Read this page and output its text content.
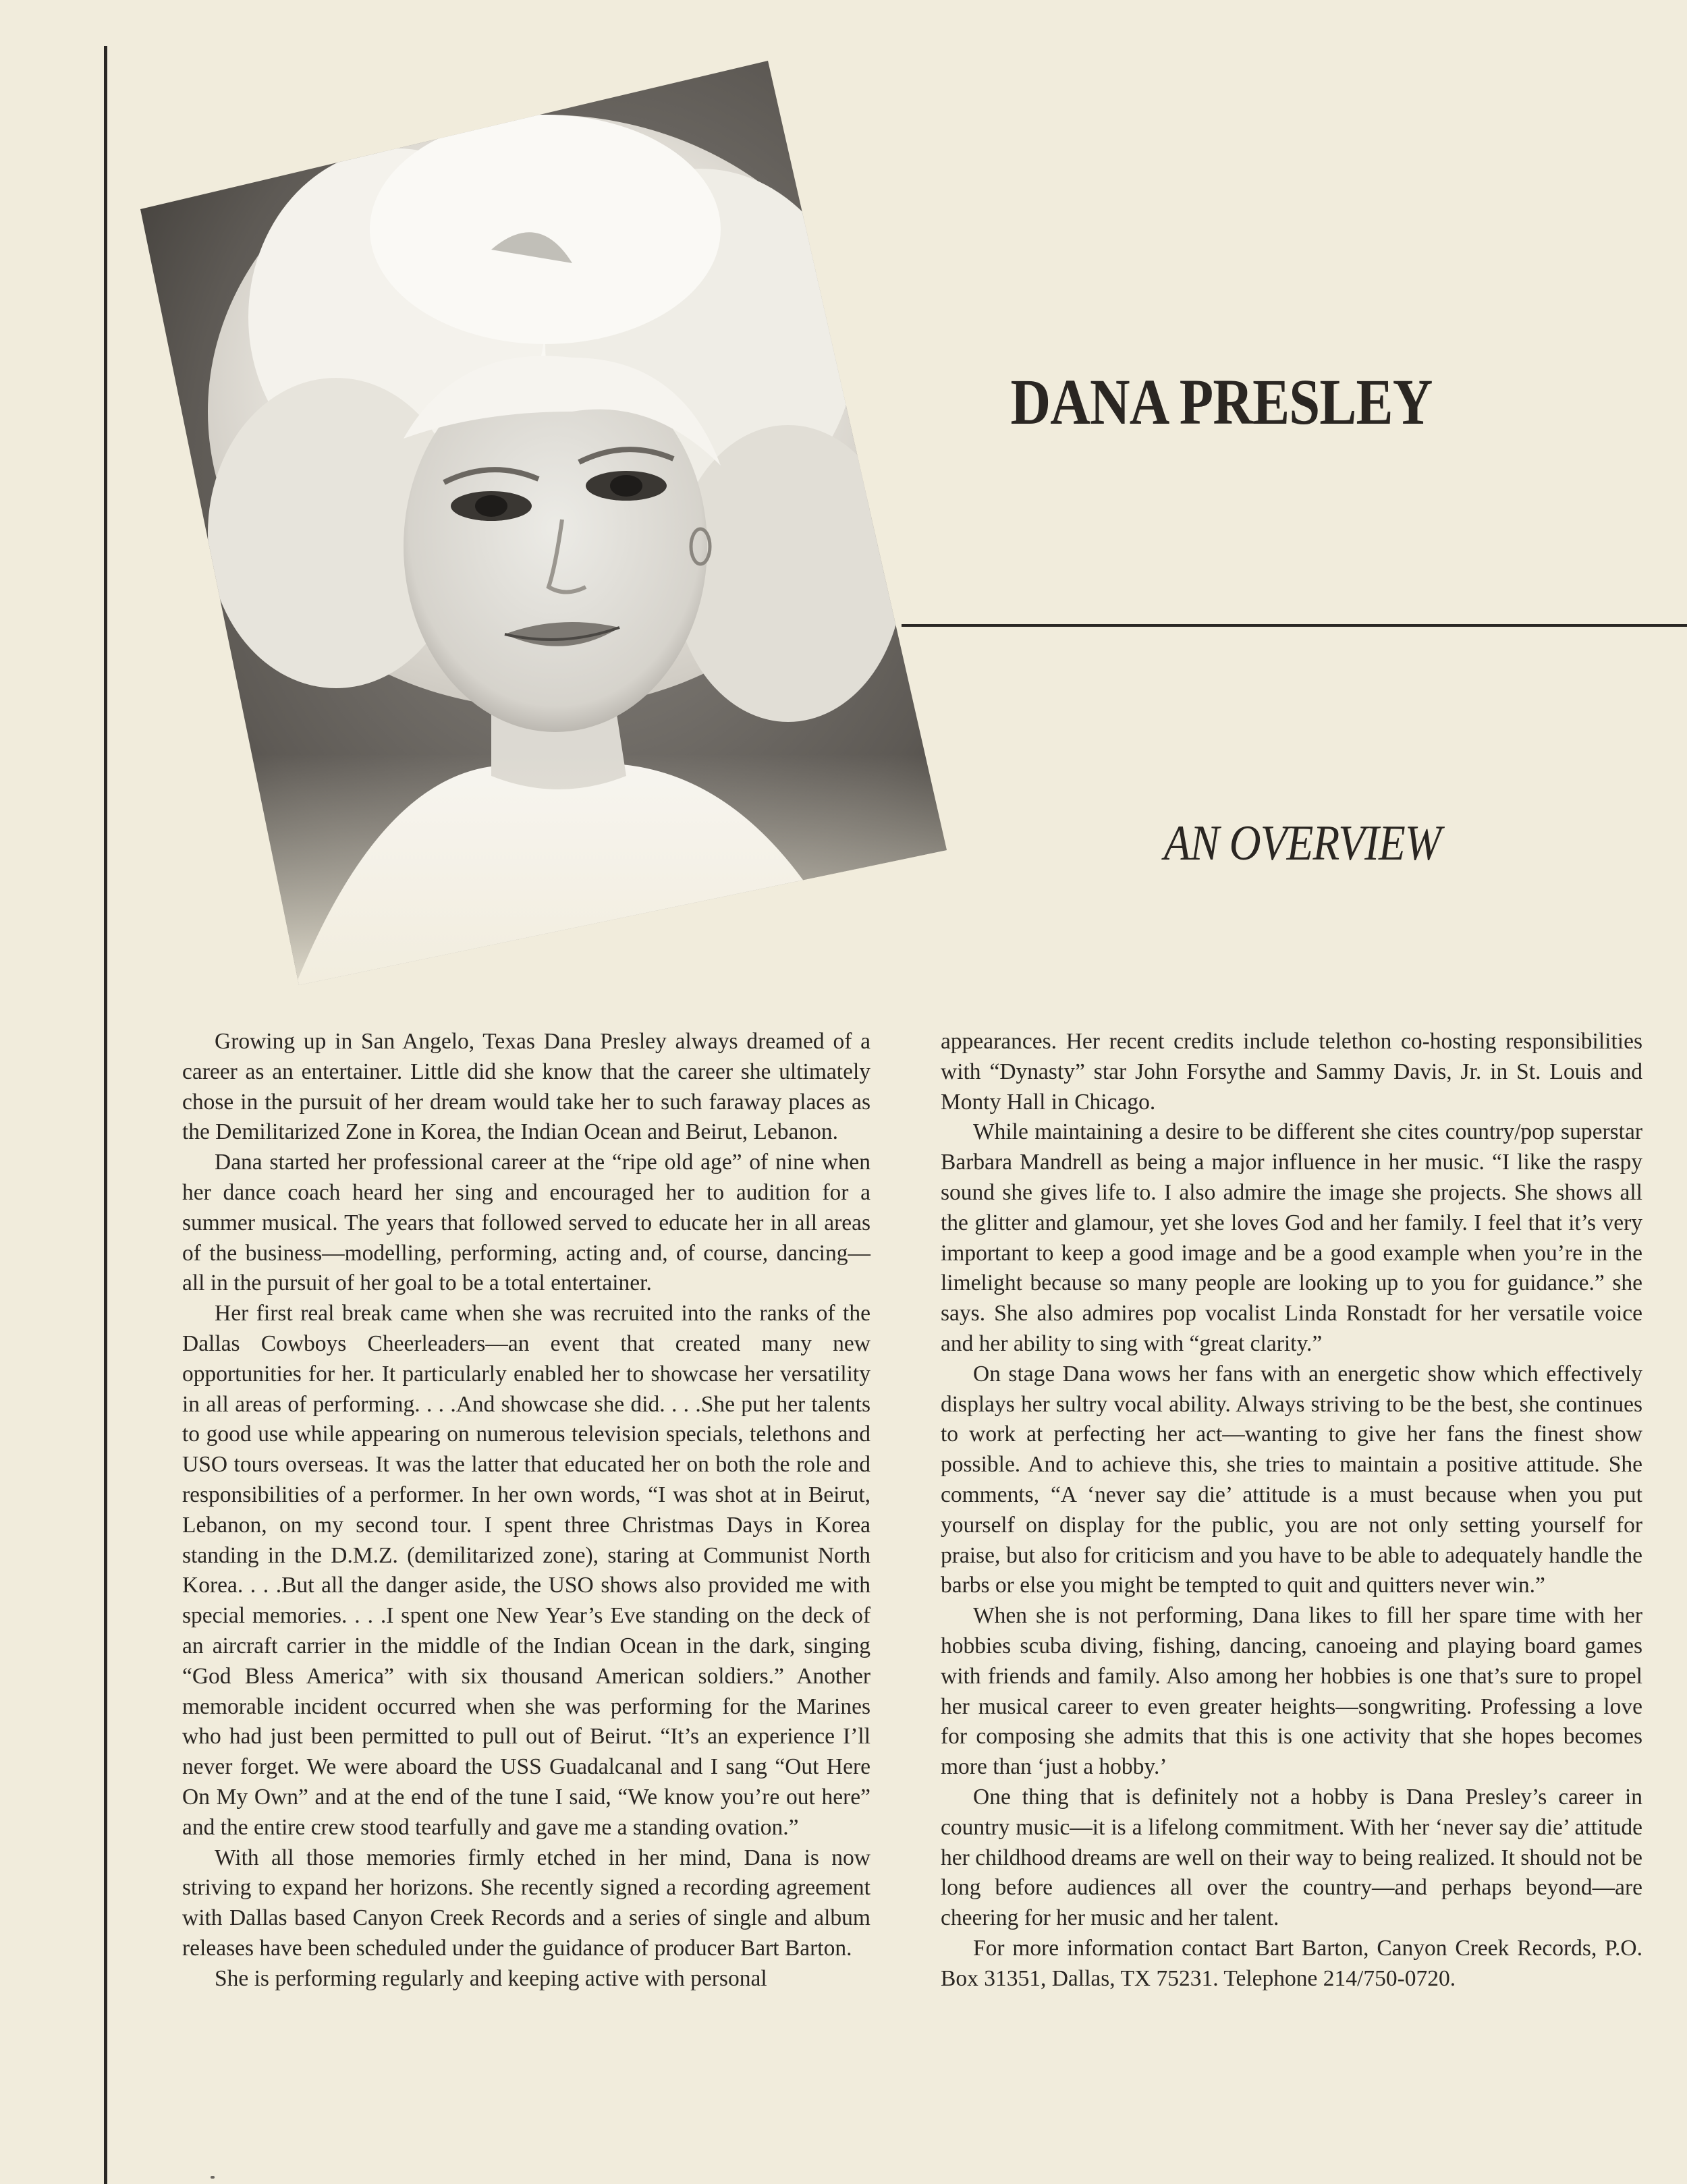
DANA PRESLEY
AN OVERVIEW

Growing up in San Angelo, Texas Dana Presley always dreamed of a career as an entertainer. Little did she know that the career she ultimately chose in the pursuit of her dream would take her to such faraway places as the Demilitarized Zone in Korea, the Indian Ocean and Beirut, Lebanon.

Dana started her professional career at the “ripe old age” of nine when her dance coach heard her sing and encouraged her to audition for a summer musical. The years that followed served to educate her in all areas of the business—modelling, performing, acting and, of course, dancing—all in the pursuit of her goal to be a total entertainer.

Her first real break came when she was recruited into the ranks of the Dallas Cowboys Cheerleaders—an event that created many new opportunities for her. It particularly enabled her to showcase her versatility in all areas of performing. . . .And showcase she did. . . .She put her talents to good use while appearing on numerous television specials, telethons and USO tours overseas. It was the latter that educated her on both the role and responsibilities of a performer. In her own words, “I was shot at in Beirut, Lebanon, on my second tour. I spent three Christmas Days in Korea standing in the D.M.Z. (demilitarized zone), staring at Communist North Korea. . . .But all the danger aside, the USO shows also provided me with special memories. . . .I spent one New Year’s Eve standing on the deck of an aircraft carrier in the middle of the Indian Ocean in the dark, singing “God Bless America” with six thousand American soldiers.” Another memorable incident occurred when she was performing for the Marines who had just been permitted to pull out of Beirut. “It’s an experience I’ll never forget. We were aboard the USS Guadalcanal and I sang “Out Here On My Own” and at the end of the tune I said, “We know you’re out here” and the entire crew stood tearfully and gave me a standing ovation.”

With all those memories firmly etched in her mind, Dana is now striving to expand her horizons. She recently signed a recording agreement with Dallas based Canyon Creek Records and a series of single and album releases have been scheduled under the guidance of producer Bart Barton.

She is performing regularly and keeping active with personal

appearances. Her recent credits include telethon co-hosting responsibilities with “Dynasty” star John Forsythe and Sammy Davis, Jr. in St. Louis and Monty Hall in Chicago.

While maintaining a desire to be different she cites country/pop superstar Barbara Mandrell as being a major influence in her music. “I like the raspy sound she gives life to. I also admire the image she projects. She shows all the glitter and glamour, yet she loves God and her family. I feel that it’s very important to keep a good image and be a good example when you’re in the limelight because so many people are looking up to you for guidance.” she says. She also admires pop vocalist Linda Ronstadt for her versatile voice and her ability to sing with “great clarity.”

On stage Dana wows her fans with an energetic show which effectively displays her sultry vocal ability. Always striving to be the best, she continues to work at perfecting her act—wanting to give her fans the finest show possible. And to achieve this, she tries to maintain a positive attitude. She comments, “A ‘never say die’ attitude is a must because when you put yourself on display for the public, you are not only setting yourself for praise, but also for criticism and you have to be able to adequately handle the barbs or else you might be tempted to quit and quitters never win.”

When she is not performing, Dana likes to fill her spare time with her hobbies scuba diving, fishing, dancing, canoeing and playing board games with friends and family. Also among her hobbies is one that’s sure to propel her musical career to even greater heights—songwriting. Professing a love for composing she admits that this is one activity that she hopes becomes more than ‘just a hobby.’

One thing that is definitely not a hobby is Dana Presley’s career in country music—it is a lifelong commitment. With her ‘never say die’ attitude her childhood dreams are well on their way to being realized. It should not be long before audiences all over the country—and perhaps beyond—are cheering for her music and her talent.

For more information contact Bart Barton, Canyon Creek Records, P.O. Box 31351, Dallas, TX 75231. Telephone 214/750-0720.
